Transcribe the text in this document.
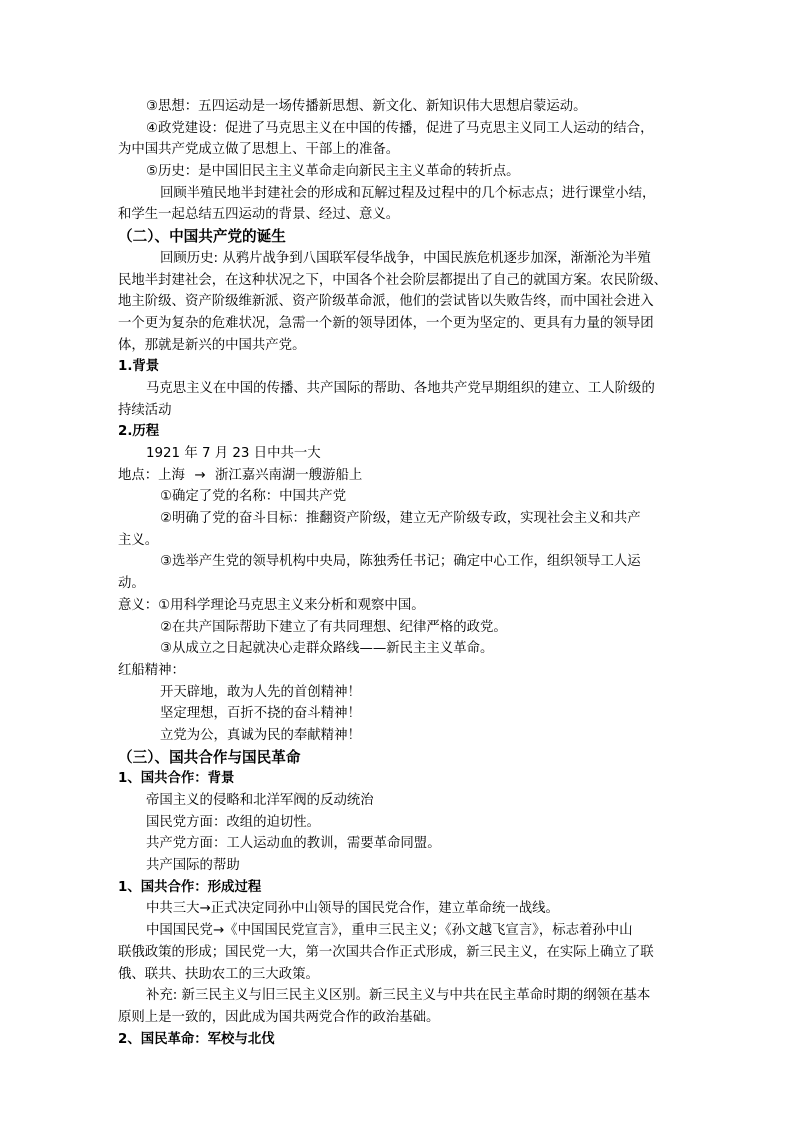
③思想：五四运动是一场传播新思想、新文化、新知识伟大思想启蒙运动。
④政党建设：促进了马克思主义在中国的传播，促进了马克思主义同工人运动的结合，
为中国共产党成立做了思想上、干部上的准备。
⑤历史：是中国旧民主主义革命走向新民主主义革命的转折点。
回顾半殖民地半封建社会的形成和瓦解过程及过程中的几个标志点；进行课堂小结，
和学生一起总结五四运动的背景、经过、意义。
（二）、中国共产党的诞生
回顾历史: 从鸦片战争到八国联军侵华战争，中国民族危机逐步加深，渐渐沦为半殖
民地半封建社会，在这种状况之下，中国各个社会阶层都提出了自己的就国方案。农民阶级、
地主阶级、资产阶级维新派、资产阶级革命派，他们的尝试皆以失败告终，而中国社会进入
一个更为复杂的危难状况，急需一个新的领导团体，一个更为坚定的、更具有力量的领导团
体，那就是新兴的中国共产党。
1.背景
马克思主义在中国的传播、共产国际的帮助、各地共产党早期组织的建立、工人阶级的
持续活动
2.历程
1921 年 7 月 23 日中共一大
地点：上海 → 浙江嘉兴南湖一艘游船上
①确定了党的名称：中国共产党
②明确了党的奋斗目标：推翻资产阶级，建立无产阶级专政，实现社会主义和共产
主义。
③选举产生党的领导机构中央局，陈独秀任书记；确定中心工作，组织领导工人运
动。
意义：①用科学理论马克思主义来分析和观察中国。
②在共产国际帮助下建立了有共同理想、纪律严格的政党。
③从成立之日起就决心走群众路线——新民主主义革命。
红船精神：
开天辟地，敢为人先的首创精神！
坚定理想，百折不挠的奋斗精神！
立党为公，真诚为民的奉献精神！
（三）、国共合作与国民革命
1、国共合作：背景
帝国主义的侵略和北洋军阀的反动统治
国民党方面：改组的迫切性。
共产党方面：工人运动血的教训，需要革命同盟。
共产国际的帮助
1、国共合作：形成过程
中共三大→正式决定同孙中山领导的国民党合作，建立革命统一战线。
中国国民党→《中国国民党宣言》，重申三民主义；《孙文越飞宣言》，标志着孙中山
联俄政策的形成；国民党一大，第一次国共合作正式形成，新三民主义，在实际上确立了联
俄、联共、扶助农工的三大政策。
补充: 新三民主义与旧三民主义区别。新三民主义与中共在民主革命时期的纲领在基本
原则上是一致的，因此成为国共两党合作的政治基础。
2、国民革命：军校与北伐
